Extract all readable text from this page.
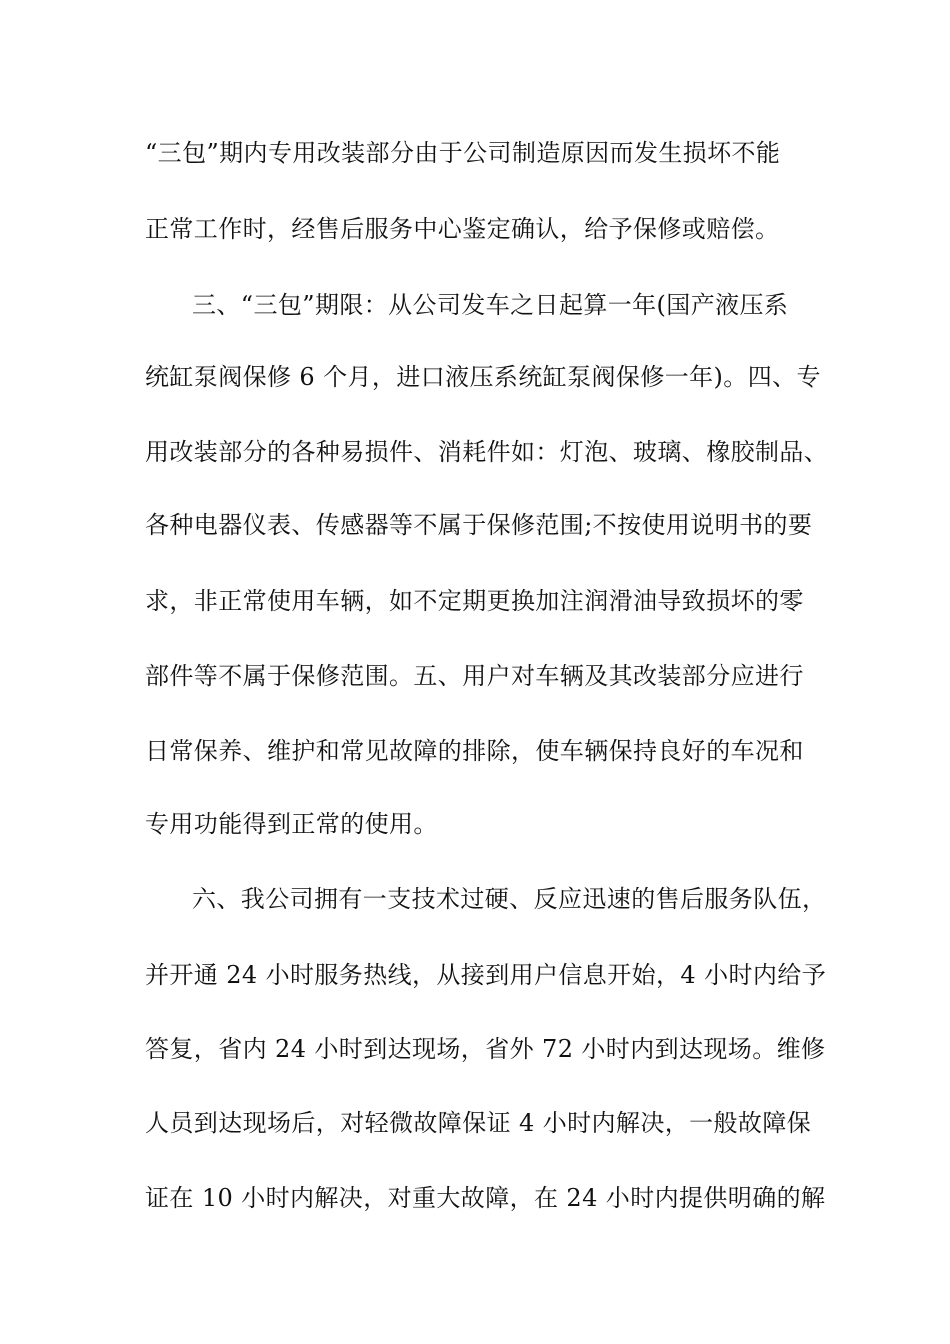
“三包”期内专用改装部分由于公司制造原因而发生损坏不能
正常工作时，经售后服务中心鉴定确认，给予保修或赔偿。
三、“三包”期限：从公司发车之日起算一年(国产液压系
统缸泵阀保修 6 个月，进口液压系统缸泵阀保修一年)。四、专
用改装部分的各种易损件、消耗件如：灯泡、玻璃、橡胶制品、
各种电器仪表、传感器等不属于保修范围;不按使用说明书的要
求，非正常使用车辆，如不定期更换加注润滑油导致损坏的零
部件等不属于保修范围。五、用户对车辆及其改装部分应进行
日常保养、维护和常见故障的排除，使车辆保持良好的车况和
专用功能得到正常的使用。
六、我公司拥有一支技术过硬、反应迅速的售后服务队伍，
并开通 24 小时服务热线，从接到用户信息开始，4 小时内给予
答复，省内 24 小时到达现场，省外 72 小时内到达现场。维修
人员到达现场后，对轻微故障保证 4 小时内解决，一般故障保
证在 10 小时内解决，对重大故障，在 24 小时内提供明确的解
